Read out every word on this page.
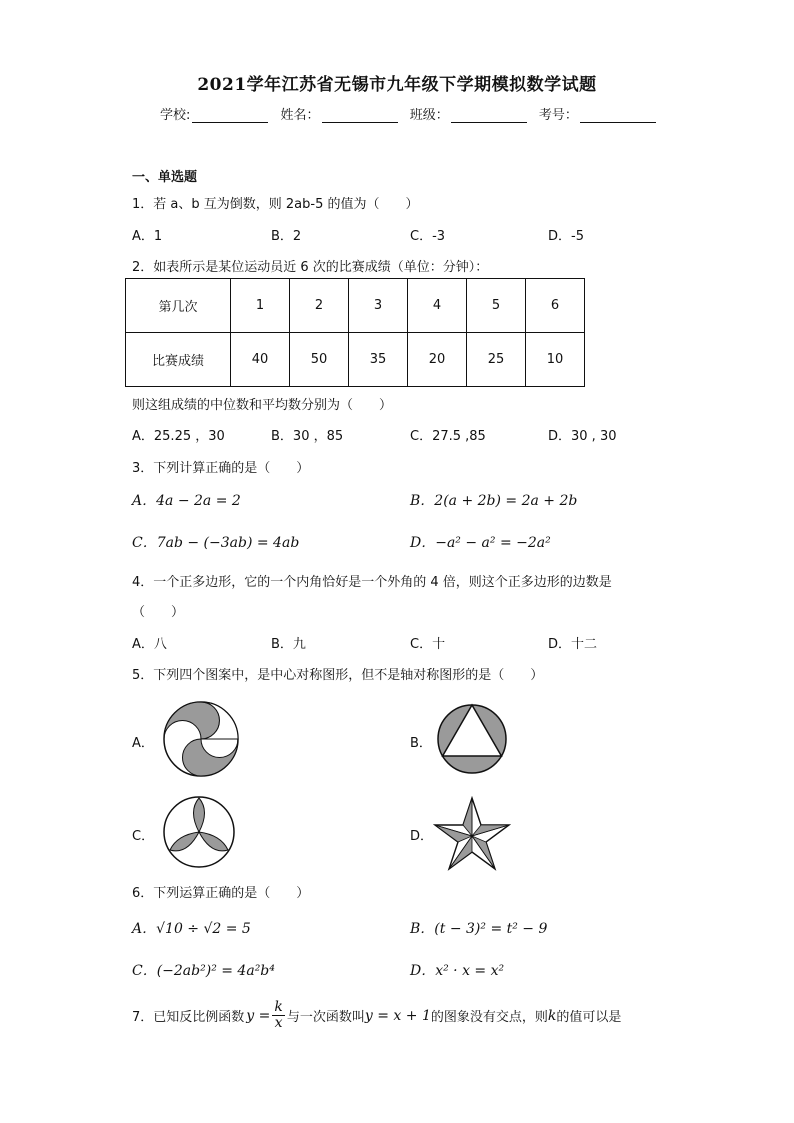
2021学年江苏省无锡市九年级下学期模拟数学试题
学校:	姓名：	班级：	考号：
一、单选题
1．若 a、b 互为倒数，则 2ab-5 的值为（　　）
A．1	B．2	C．-3	D．-5
2．如表所示是某位运动员近 6 次的比赛成绩（单位：分钟）：
第几次	1	2	3	4	5	6
比赛成绩	40	50	35	20	25	10
则这组成绩的中位数和平均数分别为（　　）
A．25.25 ，30	B．30 ，85	C．27.5 ,85	D．30 , 30
3．下列计算正确的是（　　）
A．4a − 2a = 2	B．2(a + 2b) = 2a + 2b
C．7ab − (−3ab) = 4ab	D．−a² − a² = −2a²
4．一个正多边形，它的一个内角恰好是一个外角的 4 倍，则这个正多边形的边数是
（　　）
A．八	B．九	C．十	D．十二
5．下列四个图案中，是中心对称图形，但不是轴对称图形的是（　　）
A．	B．
C．	D．
6．下列运算正确的是（　　）
A．√10 ÷ √2 = 5	B．(t − 3)² = t² − 9
C．(−2ab²)² = 4a²b⁴	D．x² · x = x²
7．已知反比例函数 $y = \frac{k}{x}$ 与一次函数叫 y = x + 1 的图象没有交点，则 k 的值可以是
